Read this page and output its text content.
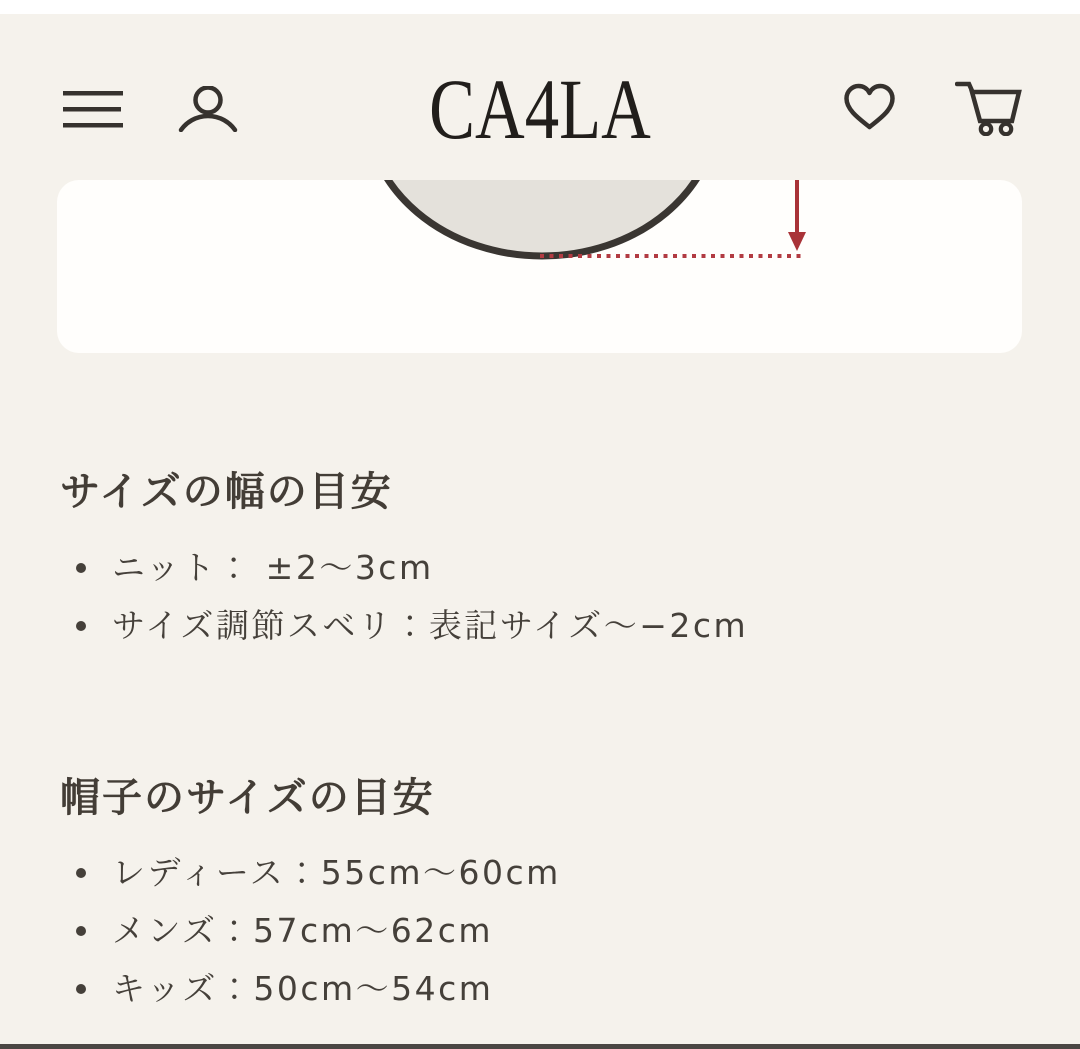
CA4LA
サイズの幅の目安
ニット： ±2～3cm
サイズ調節スベリ：表記サイズ～−2cm
帽子のサイズの目安
レディース：55cm～60cm
メンズ：57cm～62cm
キッズ：50cm～54cm
